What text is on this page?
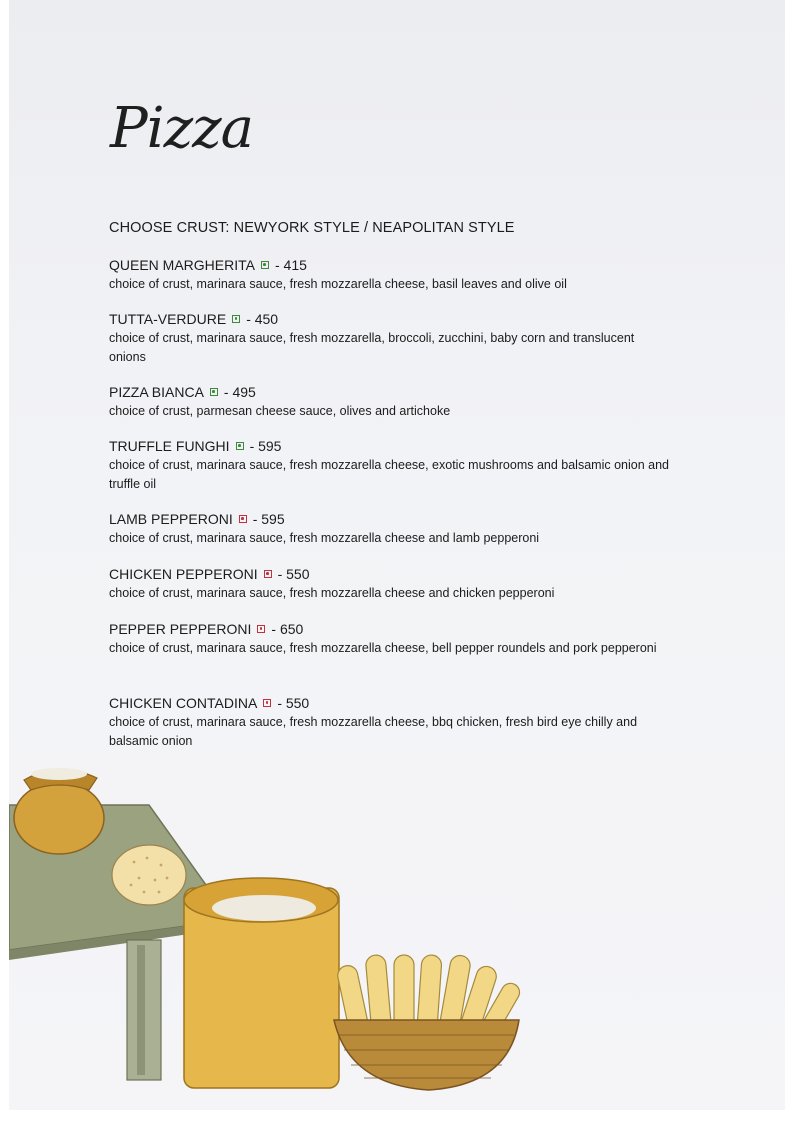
Pizza
CHOOSE CRUST: NEWYORK STYLE / NEAPOLITAN STYLE
QUEEN MARGHERITA - 415
choice of crust, marinara sauce, fresh mozzarella cheese, basil leaves and olive oil
TUTTA-VERDURE - 450
choice of crust, marinara sauce, fresh mozzarella, broccoli, zucchini, baby corn and translucent onions
PIZZA BIANCA - 495
choice of crust, parmesan cheese sauce, olives and artichoke
TRUFFLE FUNGHI - 595
choice of crust, marinara sauce, fresh mozzarella cheese, exotic mushrooms and balsamic onion and truffle oil
LAMB PEPPERONI - 595
choice of crust, marinara sauce, fresh mozzarella cheese and lamb pepperoni
CHICKEN PEPPERONI - 550
choice of crust, marinara sauce, fresh mozzarella cheese and chicken pepperoni
PEPPER PEPPERONI - 650
choice of crust, marinara sauce, fresh mozzarella cheese, bell pepper roundels and pork pepperoni
CHICKEN CONTADINA - 550
choice of crust, marinara sauce, fresh mozzarella cheese, bbq chicken, fresh bird eye chilly and balsamic onion
